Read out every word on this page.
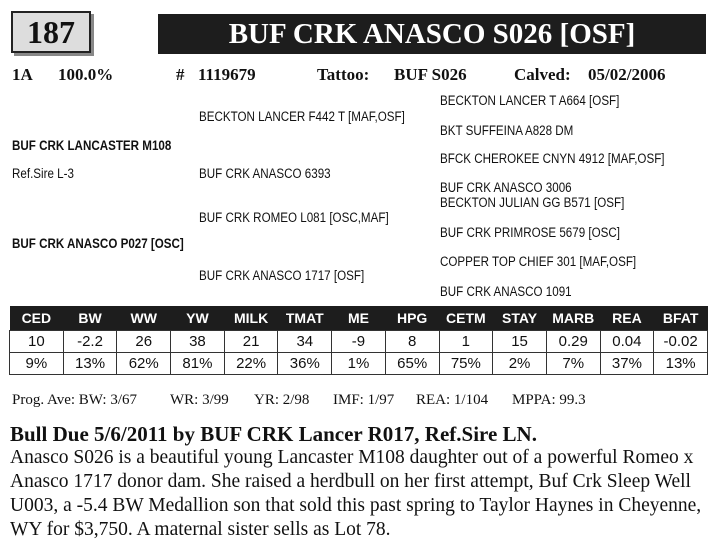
187	BUF CRK ANASCO S026 [OSF]
1A 100.0%	# 1119679	Tattoo: BUF S026	Calved: 05/02/2006
BUF CRK LANCASTER M108
Ref.Sire L-3
BUF CRK ANASCO P027 [OSC]
BECKTON LANCER F442 T [MAF,OSF]
BUF CRK ANASCO 6393
BUF CRK ROMEO L081 [OSC,MAF]
BUF CRK ANASCO 1717 [OSF]
BECKTON LANCER T A664 [OSF]
BKT SUFFEINA A828 DM
BFCK CHEROKEE CNYN 4912 [MAF,OSF]
BUF CRK ANASCO 3006
BECKTON JULIAN GG B571 [OSF]
BUF CRK PRIMROSE 5679 [OSC]
COPPER TOP CHIEF 301 [MAF,OSF]
BUF CRK ANASCO 1091
CED	BW	WW	YW	MILK	TMAT	ME	HPG	CETM	STAY	MARB	REA	BFAT
10	-2.2	26	38	21	34	-9	8	1	15	0.29	0.04	-0.02
9%	13%	62%	81%	22%	36%	1%	65%	75%	2%	7%	37%	13%
Prog. Ave: BW: 3/67 WR: 3/99 YR: 2/98 IMF: 1/97 REA: 1/104 MPPA: 99.3
Bull Due 5/6/2011 by BUF CRK Lancer R017, Ref.Sire LN.
Anasco S026 is a beautiful young Lancaster M108 daughter out of a powerful Romeo x Anasco 1717 donor dam. She raised a herdbull on her first attempt, Buf Crk Sleep Well U003, a -5.4 BW Medallion son that sold this past spring to Taylor Haynes in Cheyenne, WY for $3,750. A maternal sister sells as Lot 78.
